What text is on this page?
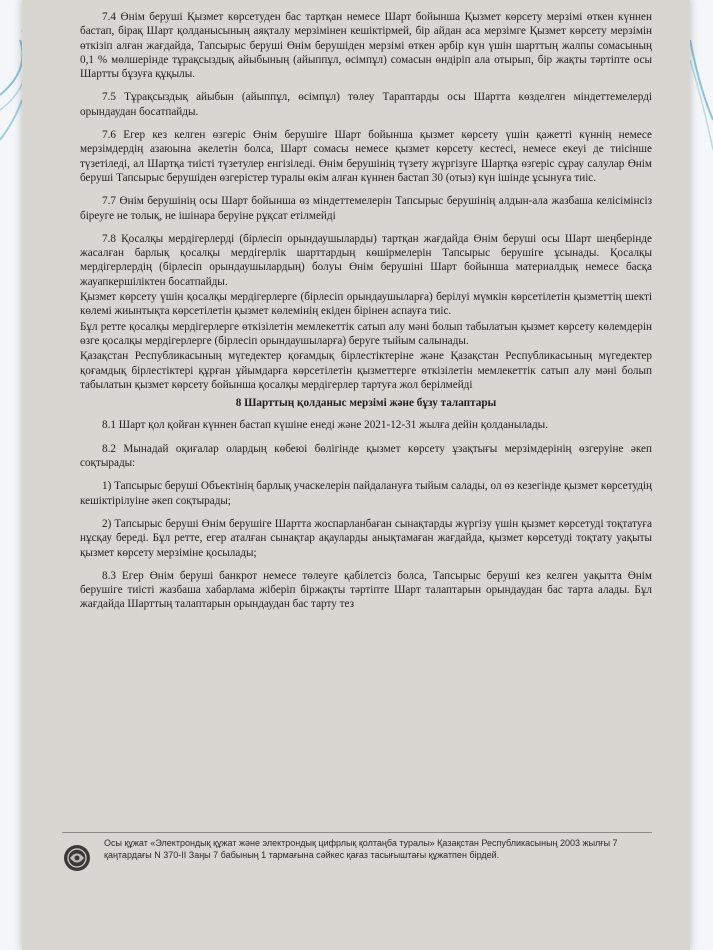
7.4 Өнім беруші Қызмет көрсетуден бас тартқан немесе Шарт бойынша Қызмет көрсету мерзімі өткен күннен бастап, бірақ Шарт қолданысының аяқталу мерзімінен кешіктірмей, бір айдан аса мерзімге Қызмет көрсету мерзімін өткізіп алған жағдайда, Тапсырыс беруші Өнім берушіден мерзімі өткен әрбір күн үшін шарттың жалпы сомасының 0,1 % мөлшерінде тұрақсыздық айыбының (айыппұл, өсімпұл) сомасын өндіріп ала отырып, бір жақты тәртіпте осы Шартты бұзуға құқылы.

7.5 Тұрақсыздық айыбын (айыппұл, өсімпұл) төлеу Тараптарды осы Шартта көзделген міндеттемелерді орындаудан босатпайды.

7.6 Егер кез келген өзгеріс Өнім берушіге Шарт бойынша қызмет көрсету үшін қажетті күннің немесе мерзімдердің азаюына әкелетін болса, Шарт сомасы немесе қызмет көрсету кестесі, немесе екеуі де тиісінше түзетіледі, ал Шартқа тиісті түзетулер енгізіледі. Өнім берушінің түзету жүргізуге Шартқа өзгеріс сұрау салулар Өнім беруші Тапсырыс берушіден өзгерістер туралы өкім алған күннен бастап 30 (отыз) күн ішінде ұсынуға тиіс.

7.7 Өнім берушінің осы Шарт бойынша өз міндеттемелерін Тапсырыс берушінің алдын-ала жазбаша келісімінсіз біреуге не толық, не ішінара беруіне рұқсат етілмейді

7.8 Қосалқы мердігерлерді (бірлесіп орындаушыларды) тартқан жағдайда Өнім беруші осы Шарт шеңберінде жасалған барлық қосалқы мердігерлік шарттардың көшірмелерін Тапсырыс берушіге ұсынады. Қосалқы мердігерлердің (бірлесіп орындаушылардың) болуы Өнім берушіні Шарт бойынша материалдық немесе басқа жауапкершіліктен босатпайды.

Қызмет көрсету үшін қосалқы мердігерлерге (бірлесіп орындаушыларға) берілуі мүмкін көрсетілетін қызметтің шекті көлемі жиынтықта көрсетілетін қызмет көлемінің екіден бірінен аспауға тиіс.

Бұл ретте қосалқы мердігерлерге өткізілетін мемлекеттік сатып алу мәні болып табылатын қызмет көрсету көлемдерін өзге қосалқы мердігерлерге (бірлесіп орындаушыларға) беруге тыйым салынады.

Қазақстан Республикасының мүгедектер қоғамдық бірлестіктеріне және Қазақстан Республикасының мүгедектер қоғамдық бірлестіктері құрған ұйымдарға көрсетілетін қызметтерге өткізілетін мемлекеттік сатып алу мәні болып табылатын қызмет көрсету бойынша қосалқы мердігерлер тартуға жол берілмейді

8 Шарттың қолданыс мерзімі және бұзу талаптары

8.1 Шарт қол қойған күннен бастап күшіне енеді және 2021-12-31 жылға дейін қолданылады.

8.2 Мынадай оқиғалар олардың көбеюі бөлігінде қызмет көрсету ұзақтығы мерзімдерінің өзгеруіне әкеп соқтырады:

1) Тапсырыс беруші Объектінің барлық учаскелерін пайдалануға тыйым салады, ол өз кезегінде қызмет көрсетудің кешіктірілуіне әкеп соқтырады;

2) Тапсырыс беруші Өнім берушіге Шартта жоспарланбаған сынақтарды жүргізу үшін қызмет көрсетуді тоқтатуға нұсқау береді. Бұл ретте, егер аталған сынақтар ақауларды анықтамаған жағдайда, қызмет көрсетуді тоқтату уақыты қызмет көрсету мерзіміне қосылады;

8.3 Егер Өнім беруші банкрот немесе төлеуге қабілетсіз болса, Тапсырыс беруші кез келген уақытта Өнім берушіге тиісті жазбаша хабарлама жіберіп біржақты тәртіпте Шарт талаптарын орындаудан бас тарта алады. Бұл жағдайда Шарттың талаптарын орындаудан бас тарту тез

Осы құжат «Электрондық құжат және электрондық цифрлық қолтаңба туралы» Қазақстан Республикасының 2003 жылғы 7 қаңтардағы N 370-II Заңы 7 бабының 1 тармағына сәйкес қағаз тасығыштағы құжатпен бірдей.
